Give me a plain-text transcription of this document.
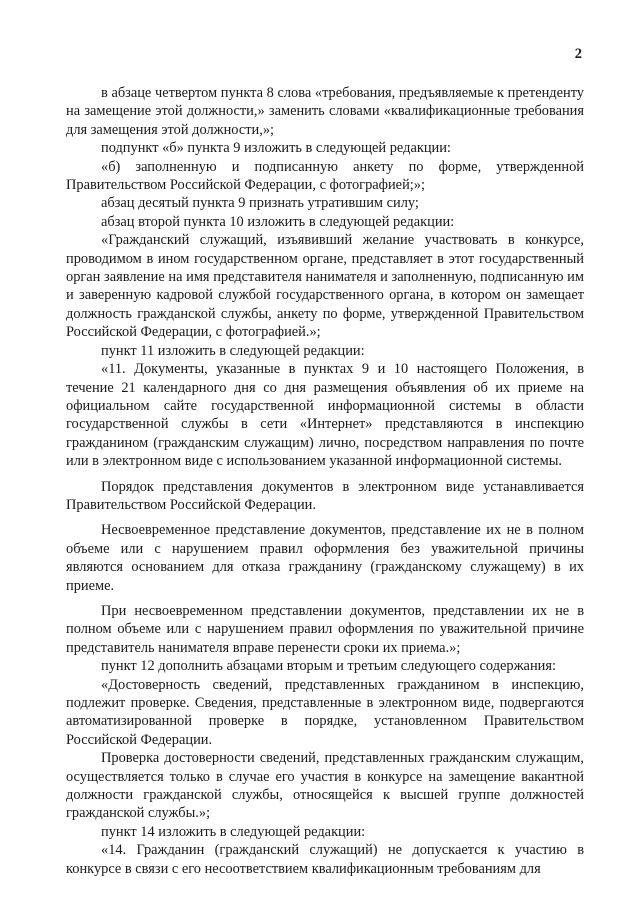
2

в абзаце четвертом пункта 8 слова «требования, предъявляемые к претенденту на замещение этой должности,» заменить словами «квалификационные требования для замещения этой должности,»;

подпункт «б» пункта 9 изложить в следующей редакции:

«б) заполненную и подписанную анкету по форме, утвержденной Правительством Российской Федерации, с фотографией;»;

абзац десятый пункта 9 признать утратившим силу;

абзац второй пункта 10 изложить в следующей редакции:

«Гражданский служащий, изъявивший желание участвовать в конкурсе, проводимом в ином государственном органе, представляет в этот государственный орган заявление на имя представителя нанимателя и заполненную, подписанную им и заверенную кадровой службой государственного органа, в котором он замещает должность гражданской службы, анкету по форме, утвержденной Правительством Российской Федерации, с фотографией.»;

пункт 11 изложить в следующей редакции:

«11. Документы, указанные в пунктах 9 и 10 настоящего Положения, в течение 21 календарного дня со дня размещения объявления об их приеме на официальном сайте государственной информационной системы в области государственной службы в сети «Интернет» представляются в инспекцию гражданином (гражданским служащим) лично, посредством направления по почте или в электронном виде с использованием указанной информационной системы.

Порядок представления документов в электронном виде устанавливается Правительством Российской Федерации.

Несвоевременное представление документов, представление их не в полном объеме или с нарушением правил оформления без уважительной причины являются основанием для отказа гражданину (гражданскому служащему) в их приеме.

При несвоевременном представлении документов, представлении их не в полном объеме или с нарушением правил оформления по уважительной причине представитель нанимателя вправе перенести сроки их приема.»;

пункт 12 дополнить абзацами вторым и третьим следующего содержания:

«Достоверность сведений, представленных гражданином в инспекцию, подлежит проверке. Сведения, представленные в электронном виде, подвергаются автоматизированной проверке в порядке, установленном Правительством Российской Федерации.

Проверка достоверности сведений, представленных гражданским служащим, осуществляется только в случае его участия в конкурсе на замещение вакантной должности гражданской службы, относящейся к высшей группе должностей гражданской службы.»;

пункт 14 изложить в следующей редакции:

«14. Гражданин (гражданский служащий) не допускается к участию в конкурсе в связи с его несоответствием квалификационным требованиям для
